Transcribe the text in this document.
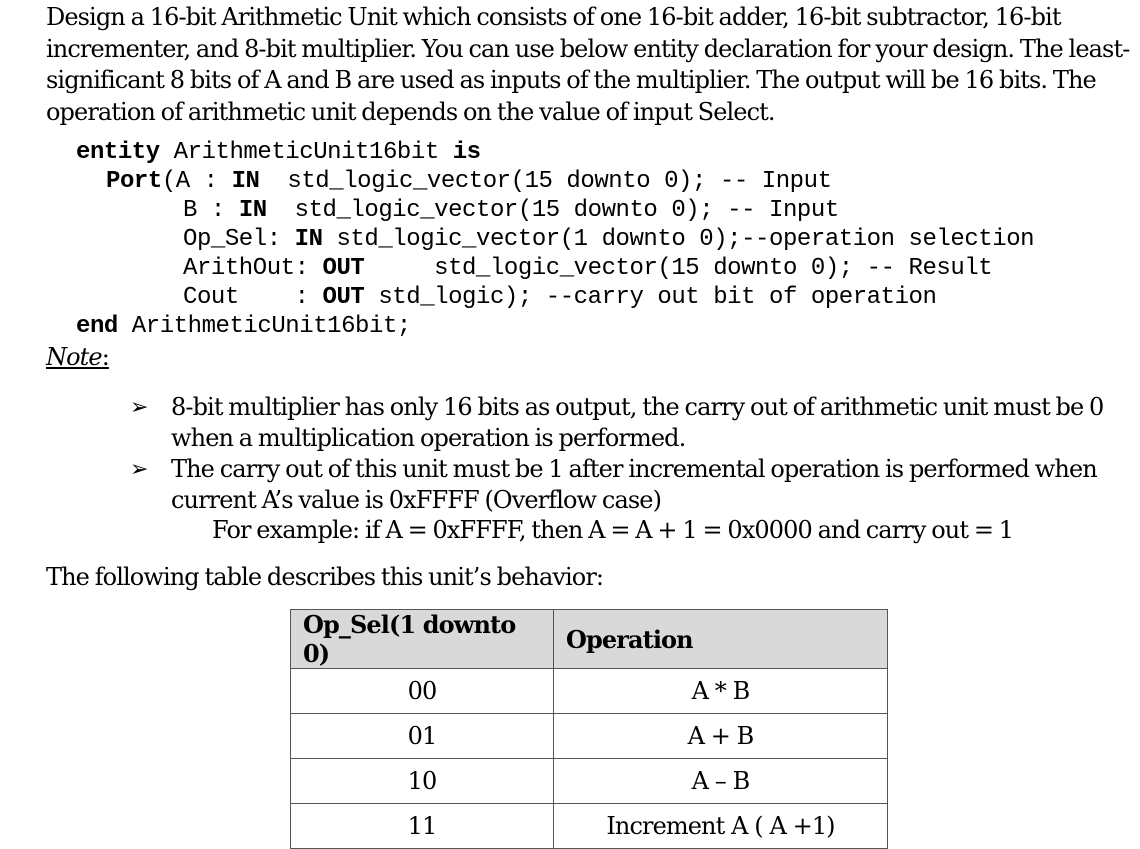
Design a 16-bit Arithmetic Unit which consists of one 16-bit adder, 16-bit subtractor, 16-bit incrementer, and 8-bit multiplier. You can use below entity declaration for your design. The least-significant 8 bits of A and B are used as inputs of the multiplier. The output will be 16 bits. The operation of arithmetic unit depends on the value of input Select.

entity ArithmeticUnit16bit is
Port(A : IN  std_logic_vector(15 downto 0); -- Input
B : IN  std_logic_vector(15 downto 0); -- Input
Op_Sel: IN std_logic_vector(1 downto 0);--operation selection
ArithOut: OUT     std_logic_vector(15 downto 0); -- Result
Cout    : OUT std_logic); --carry out bit of operation
end ArithmeticUnit16bit;
Note:
➢ 8-bit multiplier has only 16 bits as output, the carry out of arithmetic unit must be 0 when a multiplication operation is performed.
➢ The carry out of this unit must be 1 after incremental operation is performed when current A’s value is 0xFFFF (Overflow case)
For example: if A = 0xFFFF, then A = A + 1 = 0x0000 and carry out = 1
The following table describes this unit’s behavior:
Op_Sel(1 downto 0)	Operation
00	A * B
01	A + B
10	A – B
11	Increment A ( A +1)
